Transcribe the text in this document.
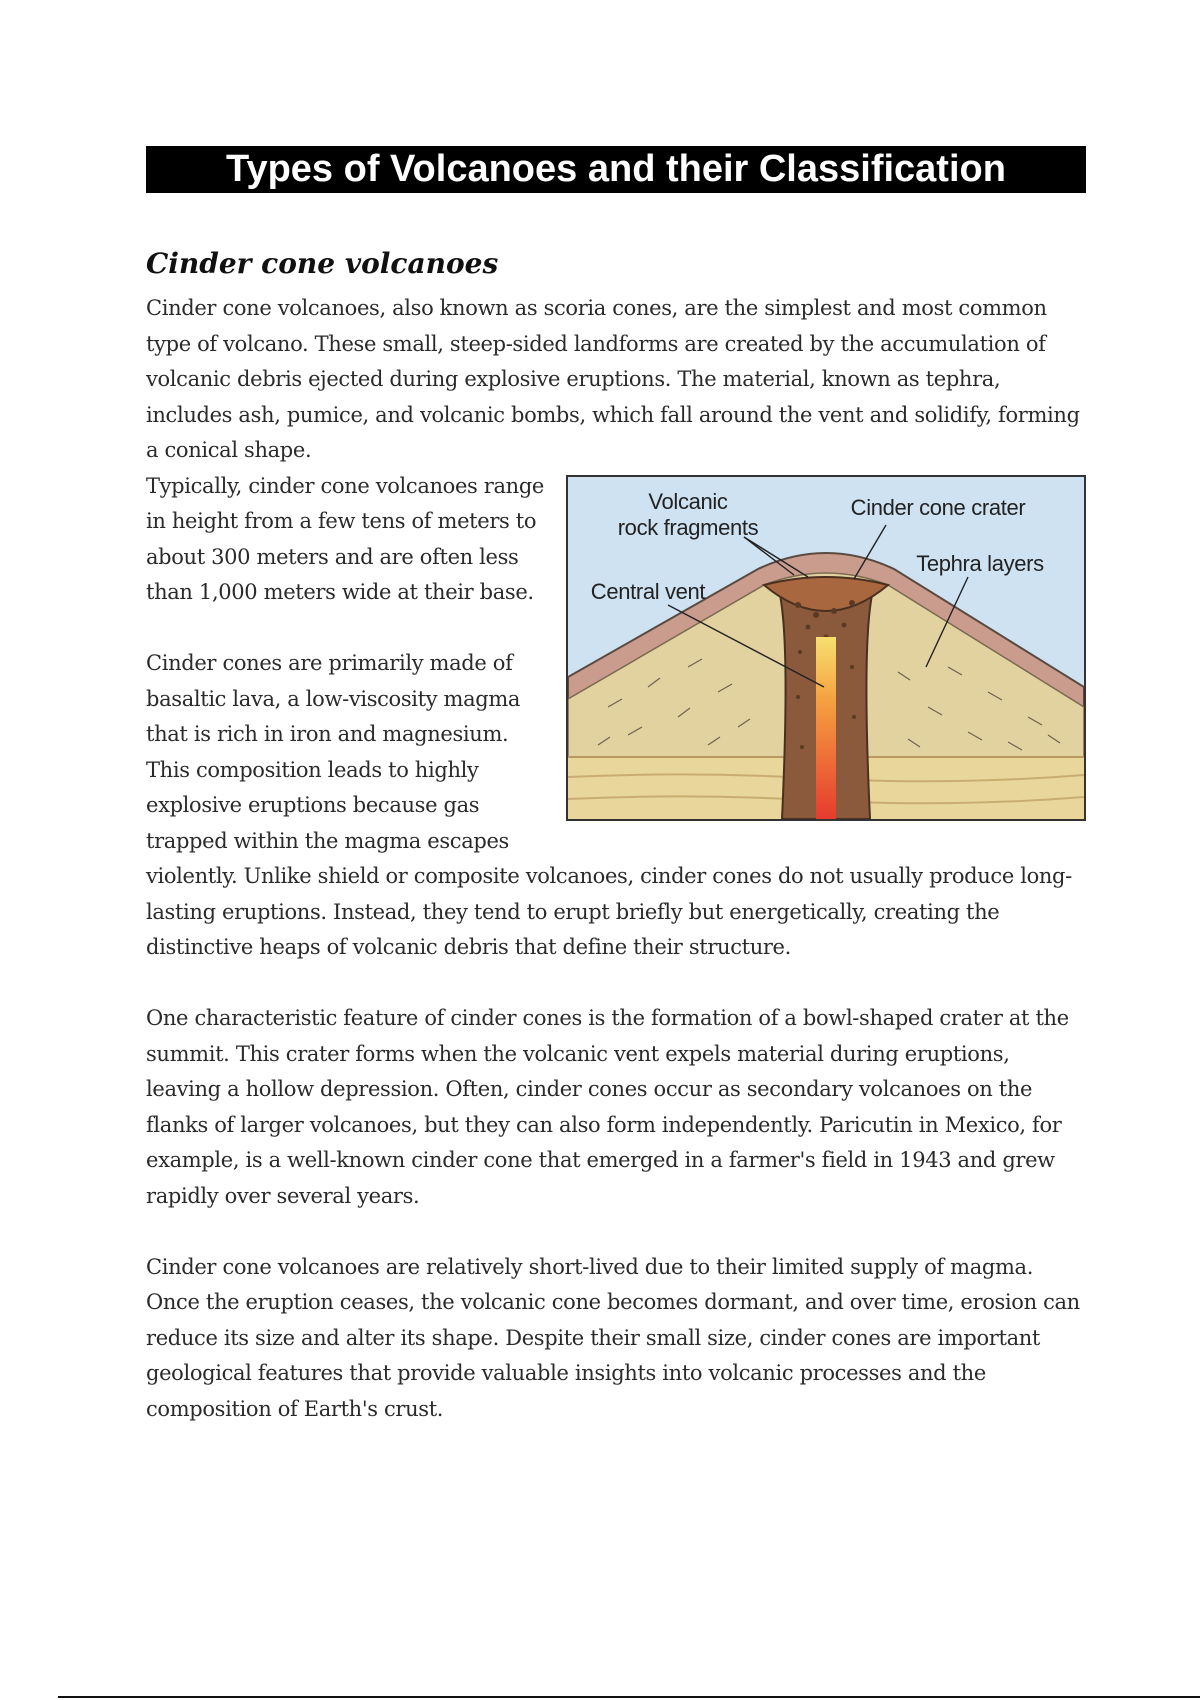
Types of Volcanoes and their Classification
Cinder cone volcanoes

Cinder cone volcanoes, also known as scoria cones, are the simplest and most common type of volcano. These small, steep-sided landforms are created by the accumulation of volcanic debris ejected during explosive eruptions. The material, known as tephra, includes ash, pumice, and volcanic bombs, which fall around the vent and solidify, forming a conical shape.

Volcanic
rock fragments
Cinder cone crater
Tephra layers
Central vent

Typically, cinder cone volcanoes range in height from a few tens of meters to about 300 meters and are often less than 1,000 meters wide at their base.

Cinder cones are primarily made of basaltic lava, a low-viscosity magma that is rich in iron and magnesium. This composition leads to highly explosive eruptions because gas trapped within the magma escapes violently. Unlike shield or composite volcanoes, cinder cones do not usually produce long-lasting eruptions. Instead, they tend to erupt briefly but energetically, creating the distinctive heaps of volcanic debris that define their structure.

One characteristic feature of cinder cones is the formation of a bowl-shaped crater at the summit. This crater forms when the volcanic vent expels material during eruptions, leaving a hollow depression. Often, cinder cones occur as secondary volcanoes on the flanks of larger volcanoes, but they can also form independently. Paricutin in Mexico, for example, is a well-known cinder cone that emerged in a farmer's field in 1943 and grew rapidly over several years.

Cinder cone volcanoes are relatively short-lived due to their limited supply of magma. Once the eruption ceases, the volcanic cone becomes dormant, and over time, erosion can reduce its size and alter its shape. Despite their small size, cinder cones are important geological features that provide valuable insights into volcanic processes and the composition of Earth's crust.
